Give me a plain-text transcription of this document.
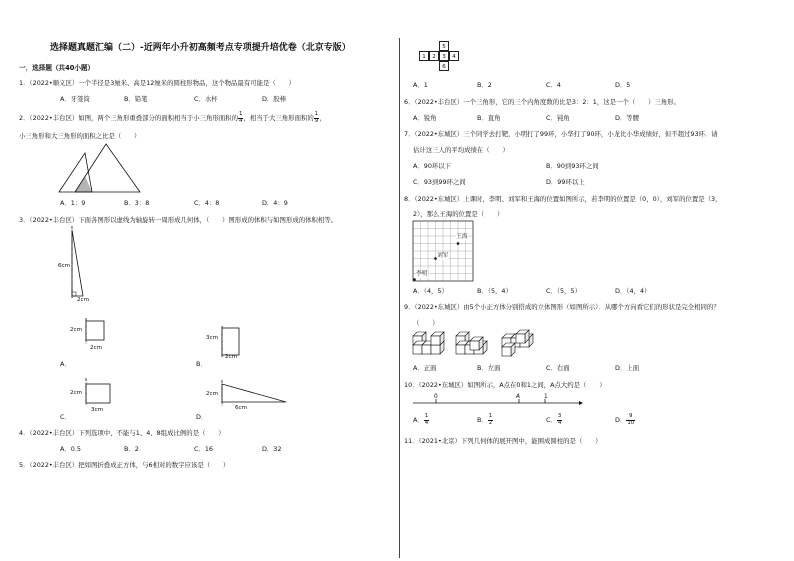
选择题真题汇编（二）-近两年小升初高频考点专项提升培优卷（北京专版）
一．选择题（共40小题）
1．（2022•顺义区）一个半径是3厘米、高是12厘米的圆柱形物品，这个物品最有可能是（　　）
A．牙签筒	B．铅笔	C．水杯	D．胶棒
2．（2022•丰台区）如图，两个三角形重叠部分的面积相当于小三角形面积的 $\frac{1}{4}$ ，相当于大三角形面积的 $\frac{1}{9}$ ，
小三角形和大三角形的面积之比是（　　）
A．1：9	B．3：8	C．4：8	D．4：9
3．（2022•丰台区）下面各图形以虚线为轴旋转一周形成几何体，（　　）图形成的体积与如图形成的体积相等。
6cm
2cm
2cm
2cm
A．
3cm
2cm
B．
2cm
3cm
C．
2cm
6cm
D．
4．（2022•丰台区）下列选项中，不能与1、4、8组成比例的是（　　）
A．0.5	B．2	C．16	D．32
5．（2022•丰台区）把如图折叠成正方体，与6相对的数字应该是（　　）
5
1	2	3	4
6
A．1	B．2	C．4	D．5
6．（2022•丰台区）一个三角形，它的三个内角度数的比是3：2：1，这是一个（　　）三角形。
A．锐角	B．直角	C．钝角	D．等腰
7．（2022•东城区）三个同学去打靶，小明打了99环，小华打了90环，小龙比小华成绩好，但不超过93环．请
估计这三人的平均成绩在（　　）
A．90环以下	B．90到93环之间
C．93到99环之间	D．99环以上
8．（2022•东城区）上课时，李明、刘军和王海的位置如图所示，若李明的位置是（0，0），刘军的位置是（3，
2），那么王海的位置是（　　）
王海
刘军
李明
A．（4，5）	B．（5，4）	C．（5，5）	D．（4，4）
9．（2022•东城区）由5个小正方体分别搭成的立体图形（如图所示）．从哪个方向看它们的形状是完全相同的？
（　　）
A．正面	B．左面	C．右面	D．上面
10．（2022•东城区）如图所示，A点在0和1之间，A点大约是（　　）
0	A	1
A． $\frac{1}{4}$	B． $\frac{1}{2}$	C． $\frac{3}{4}$	D． $\frac{9}{10}$
11．（2021•北京）下列几何体的展开图中，能围成圆柱的是（　　）
